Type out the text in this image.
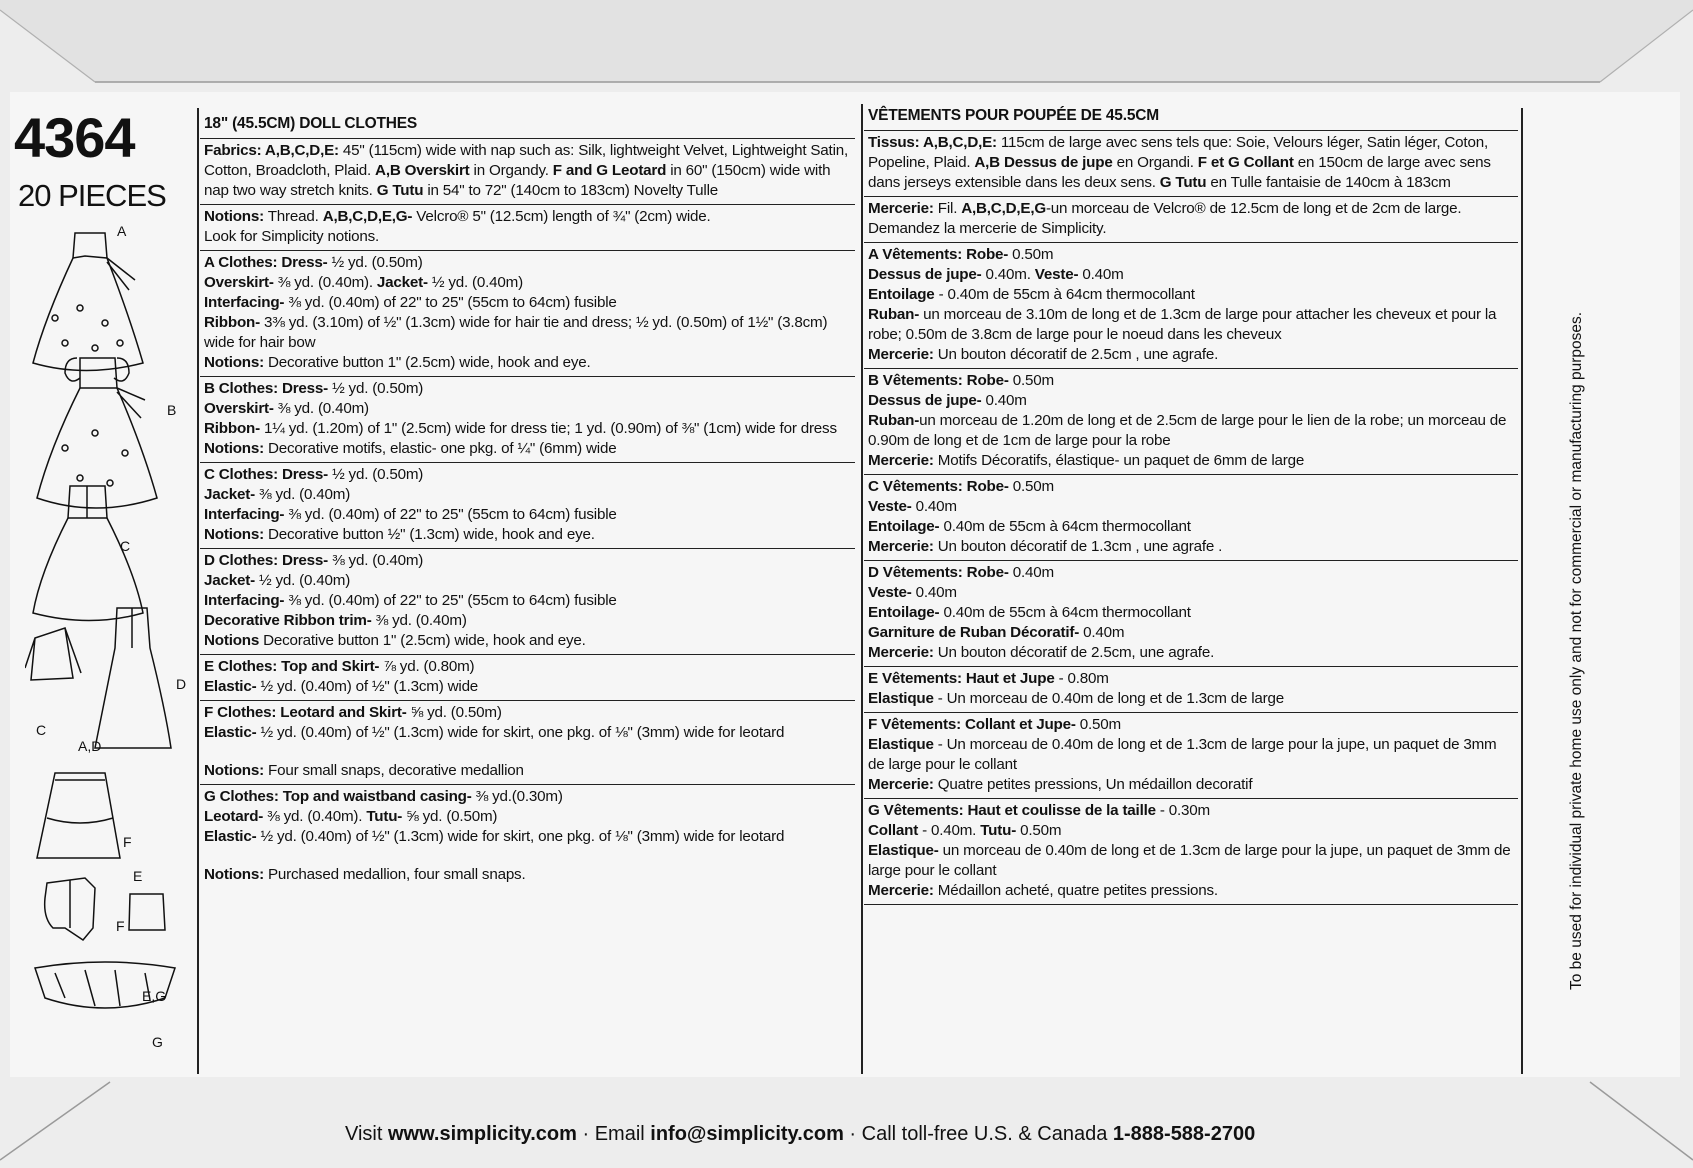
4364
20 PIECES
A
B
C
D
C
A,D
F
E
F
E,G
G
18" (45.5CM) DOLL CLOTHES

Fabrics: A,B,C,D,E: 45" (115cm) wide with nap such as: Silk, lightweight Velvet, Lightweight Satin, Cotton, Broadcloth, Plaid. A,B Overskirt in Organdy. F and G Leotard in 60" (150cm) wide with nap two way stretch knits. G Tutu in 54" to 72" (140cm to 183cm) Novelty Tulle

Notions: Thread. A,B,C,D,E,G- Velcro® 5" (12.5cm) length of ¾" (2cm) wide.

Look for Simplicity notions.

A Clothes: Dress- ½ yd. (0.50m)

Overskirt- ⅜ yd. (0.40m). Jacket- ½ yd. (0.40m)

Interfacing- ⅜ yd. (0.40m) of 22" to 25" (55cm to 64cm) fusible

Ribbon- 3⅜ yd. (3.10m) of ½" (1.3cm) wide for hair tie and dress; ½ yd. (0.50m) of 1½" (3.8cm) wide for hair bow

Notions: Decorative button 1" (2.5cm) wide, hook and eye.

B Clothes: Dress- ½ yd. (0.50m)

Overskirt- ⅜ yd. (0.40m)

Ribbon- 1¼ yd. (1.20m) of 1" (2.5cm) wide for dress tie; 1 yd. (0.90m) of ⅜" (1cm) wide for dress

Notions: Decorative motifs, elastic- one pkg. of ¼" (6mm) wide

C Clothes: Dress- ½ yd. (0.50m)

Jacket- ⅜ yd. (0.40m)

Interfacing- ⅜ yd. (0.40m) of 22" to 25" (55cm to 64cm) fusible

Notions: Decorative button ½" (1.3cm) wide, hook and eye.

D Clothes: Dress- ⅜ yd. (0.40m)

Jacket- ½ yd. (0.40m)

Interfacing- ⅜ yd. (0.40m) of 22" to 25" (55cm to 64cm) fusible

Decorative Ribbon trim- ⅜ yd. (0.40m)

Notions Decorative button 1" (2.5cm) wide, hook and eye.

E Clothes: Top and Skirt- ⅞ yd. (0.80m)

Elastic- ½ yd. (0.40m) of ½" (1.3cm) wide

F Clothes: Leotard and Skirt- ⅝ yd. (0.50m)

Elastic- ½ yd. (0.40m) of ½" (1.3cm) wide for skirt, one pkg. of ⅛" (3mm) wide for leotard

Notions: Four small snaps, decorative medallion

G Clothes: Top and waistband casing- ⅜ yd.(0.30m)

Leotard- ⅜ yd. (0.40m). Tutu- ⅝ yd. (0.50m)

Elastic- ½ yd. (0.40m) of ½" (1.3cm) wide for skirt, one pkg. of ⅛" (3mm) wide for leotard

Notions: Purchased medallion, four small snaps.

VÊTEMENTS POUR POUPÉE DE 45.5CM

Tissus: A,B,C,D,E: 115cm de large avec sens tels que: Soie, Velours léger, Satin léger, Coton, Popeline, Plaid. A,B Dessus de jupe en Organdi. F et G Collant en 150cm de large avec sens dans jerseys extensible dans les deux sens. G Tutu en Tulle fantaisie de 140cm à 183cm

Mercerie: Fil. A,B,C,D,E,G-un morceau de Velcro® de 12.5cm de long et de 2cm de large. Demandez la mercerie de Simplicity.

A Vêtements: Robe- 0.50m

Dessus de jupe- 0.40m. Veste- 0.40m

Entoilage - 0.40m de 55cm à 64cm thermocollant

Ruban- un morceau de 3.10m de long et de 1.3cm de large pour attacher les cheveux et pour la robe; 0.50m de 3.8cm de large pour le noeud dans les cheveux

Mercerie: Un bouton décoratif de 2.5cm , une agrafe.

B Vêtements: Robe- 0.50m

Dessus de jupe- 0.40m

Ruban-un morceau de 1.20m de long et de 2.5cm de large pour le lien de la robe; un morceau de 0.90m de long et de 1cm de large pour la robe

Mercerie: Motifs Décoratifs, élastique- un paquet de 6mm de large

C Vêtements: Robe- 0.50m

Veste- 0.40m

Entoilage- 0.40m de 55cm à 64cm thermocollant

Mercerie: Un bouton décoratif de 1.3cm , une agrafe .

D Vêtements: Robe- 0.40m

Veste- 0.40m

Entoilage- 0.40m de 55cm à 64cm thermocollant

Garniture de Ruban Décoratif- 0.40m

Mercerie: Un bouton décoratif de 2.5cm, une agrafe.

E Vêtements: Haut et Jupe - 0.80m

Elastique - Un morceau de 0.40m de long et de 1.3cm de large

F Vêtements: Collant et Jupe- 0.50m

Elastique - Un morceau de 0.40m de long et de 1.3cm de large pour la jupe, un paquet de 3mm de large pour le collant

Mercerie: Quatre petites pressions, Un médaillon decoratif

G Vêtements: Haut et coulisse de la taille - 0.30m

Collant - 0.40m. Tutu- 0.50m

Elastique- un morceau de 0.40m de long et de 1.3cm de large pour la jupe, un paquet de 3mm de large pour le collant

Mercerie: Médaillon acheté, quatre petites pressions.	To be used for individual private home use only and not for commercial or manufacturing purposes.
Visit www.simplicity.com · Email info@simplicity.com · Call toll-free U.S. & Canada 1-888-588-2700
